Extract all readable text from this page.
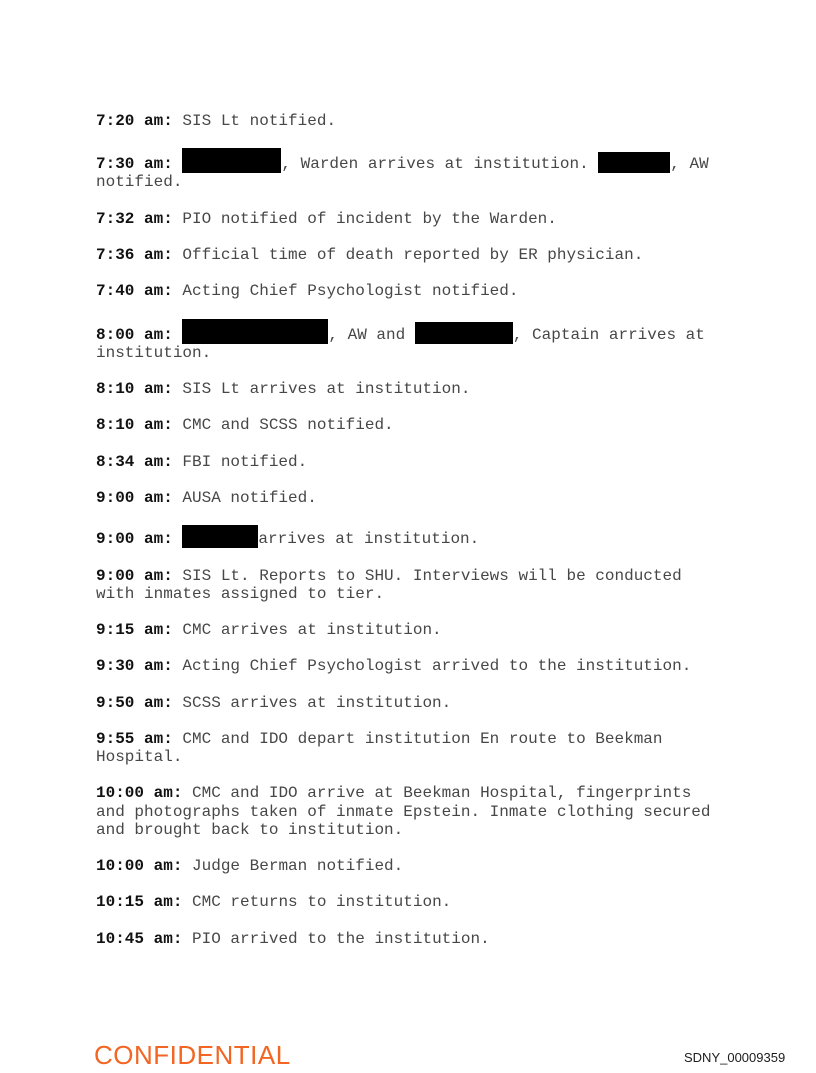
7:20 am: SIS Lt notified.

7:30 am:	, Warden arrives at institution.	, AW notified.

7:32 am: PIO notified of incident by the Warden.

7:36 am: Official time of death reported by ER physician.

7:40 am: Acting Chief Psychologist notified.

8:00 am:	, AW and	, Captain arrives at institution.

8:10 am: SIS Lt arrives at institution.

8:10 am: CMC and SCSS notified.

8:34 am: FBI notified.

9:00 am: AUSA notified.

9:00 am:	arrives at institution.

9:00 am: SIS Lt. Reports to SHU. Interviews will be conducted with inmates assigned to tier.

9:15 am: CMC arrives at institution.

9:30 am: Acting Chief Psychologist arrived to the institution.

9:50 am: SCSS arrives at institution.

9:55 am: CMC and IDO depart institution En route to Beekman Hospital.

10:00 am: CMC and IDO arrive at Beekman Hospital, fingerprints and photographs taken of inmate Epstein. Inmate clothing secured and brought back to institution.

10:00 am: Judge Berman notified.

10:15 am: CMC returns to institution.

10:45 am: PIO arrived to the institution.

CONFIDENTIAL	SDNY_00009359
